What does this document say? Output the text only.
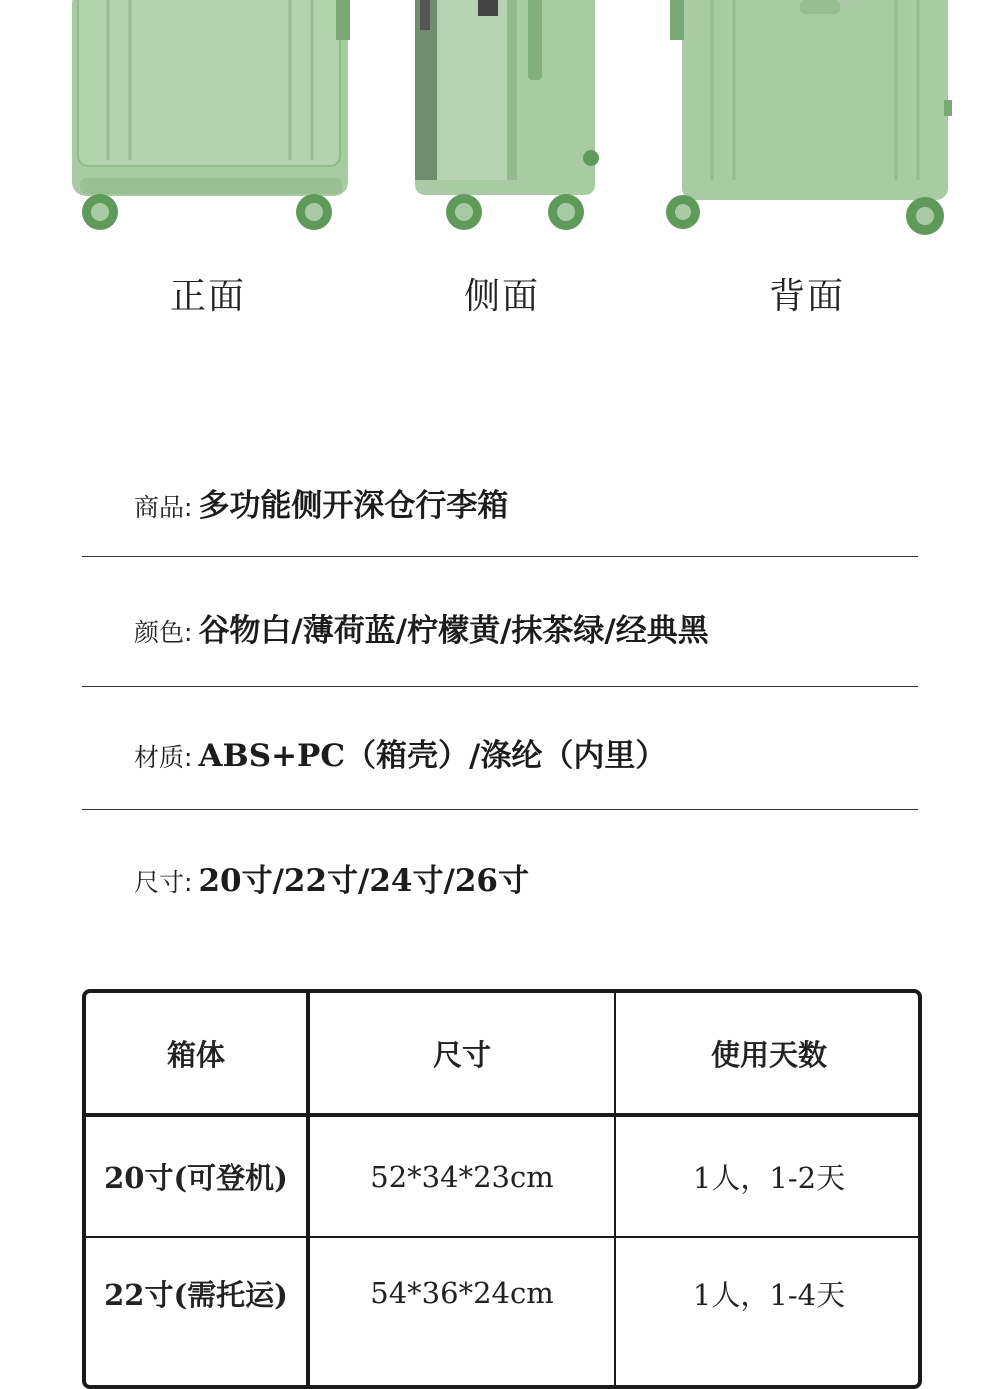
正面	侧面	背面
商品: 多功能侧开深仓行李箱
颜色: 谷物白/薄荷蓝/柠檬黄/抹茶绿/经典黑
材质: ABS+PC（箱壳）/涤纶（内里）
尺寸: 20寸/22寸/24寸/26寸
箱体	尺寸	使用天数
20寸(可登机)	52*34*23cm	1人，1-2天
22寸(需托运)	54*36*24cm	1人，1-4天
